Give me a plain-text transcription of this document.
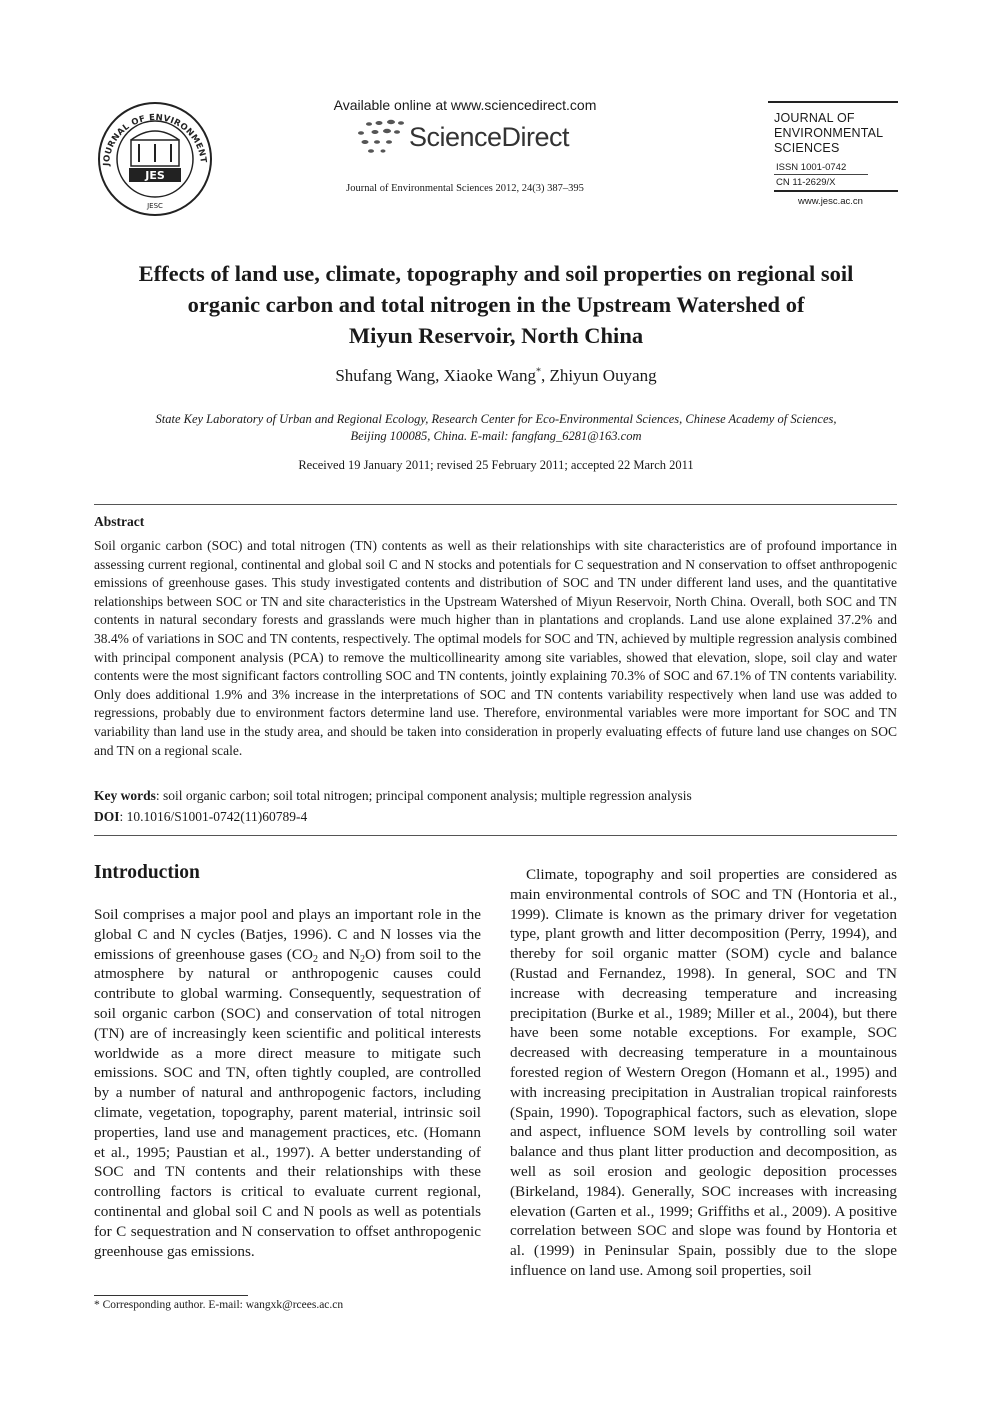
JOURNAL OF ENVIRONMENT
JES
JESC
Available online at www.sciencedirect.com
ScienceDirect
Journal of Environmental Sciences 2012, 24(3) 387–395
JOURNAL OF
ENVIRONMENTAL
SCIENCES
ISSN 1001-0742
CN 11-2629/X
www.jesc.ac.cn
Effects of land use, climate, topography and soil properties on regional soil
organic carbon and total nitrogen in the Upstream Watershed of
Miyun Reservoir, North China
Shufang Wang, Xiaoke Wang*, Zhiyun Ouyang
State Key Laboratory of Urban and Regional Ecology, Research Center for Eco-Environmental Sciences, Chinese Academy of Sciences,
Beijing 100085, China. E-mail: fangfang_6281@163.com
Received 19 January 2011; revised 25 February 2011; accepted 22 March 2011
Abstract
Soil organic carbon (SOC) and total nitrogen (TN) contents as well as their relationships with site characteristics are of profound importance in assessing current regional, continental and global soil C and N stocks and potentials for C sequestration and N conservation to offset anthropogenic emissions of greenhouse gases. This study investigated contents and distribution of SOC and TN under different land uses, and the quantitative relationships between SOC or TN and site characteristics in the Upstream Watershed of Miyun Reservoir, North China. Overall, both SOC and TN contents in natural secondary forests and grasslands were much higher than in plantations and croplands. Land use alone explained 37.2% and 38.4% of variations in SOC and TN contents, respectively. The optimal models for SOC and TN, achieved by multiple regression analysis combined with principal component analysis (PCA) to remove the multicollinearity among site variables, showed that elevation, slope, soil clay and water contents were the most significant factors controlling SOC and TN contents, jointly explaining 70.3% of SOC and 67.1% of TN contents variability. Only does additional 1.9% and 3% increase in the interpretations of SOC and TN contents variability respectively when land use was added to regressions, probably due to environment factors determine land use. Therefore, environmental variables were more important for SOC and TN variability than land use in the study area, and should be taken into consideration in properly evaluating effects of future land use changes on SOC and TN on a regional scale.
Key words: soil organic carbon; soil total nitrogen; principal component analysis; multiple regression analysis
DOI: 10.1016/S1001-0742(11)60789-4
Introduction

Soil comprises a major pool and plays an important role in the global C and N cycles (Batjes, 1996). C and N losses via the emissions of greenhouse gases ($CO_2$ and $N_2O$) from soil to the atmosphere by natural or anthropogenic causes could contribute to global warming. Consequently, sequestration of soil organic carbon (SOC) and conservation of total nitrogen (TN) are of increasingly keen scientific and political interests worldwide as a more direct measure to mitigate such emissions. SOC and TN, often tightly coupled, are controlled by a number of natural and anthropogenic factors, including climate, vegetation, topography, parent material, intrinsic soil properties, land use and management practices, etc. (Homann et al., 1995; Paustian et al., 1997). A better understanding of SOC and TN contents and their relationships with these controlling factors is critical to evaluate current regional, continental and global soil C and N pools as well as potentials for C sequestration and N conservation to offset anthropogenic greenhouse gas emissions.

Climate, topography and soil properties are considered as main environmental controls of SOC and TN (Hontoria et al., 1999). Climate is known as the primary driver for vegetation type, plant growth and litter decomposition (Perry, 1994), and thereby for soil organic matter (SOM) cycle and balance (Rustad and Fernandez, 1998). In general, SOC and TN increase with decreasing temperature and increasing precipitation (Burke et al., 1989; Miller et al., 2004), but there have been some notable exceptions. For example, SOC decreased with decreasing temperature in a mountainous forested region of Western Oregon (Homann et al., 1995) and with increasing precipitation in Australian tropical rainforests (Spain, 1990). Topographical factors, such as elevation, slope and aspect, influence SOM levels by controlling soil water balance and thus plant litter production and decomposition, as well as soil erosion and geologic deposition processes (Birkeland, 1984). Generally, SOC increases with increasing elevation (Garten et al., 1999; Griffiths et al., 2009). A positive correlation between SOC and slope was found by Hontoria et al. (1999) in Peninsular Spain, possibly due to the slope influence on land use. Among soil properties, soil

* Corresponding author. E-mail: wangxk@rcees.ac.cn
